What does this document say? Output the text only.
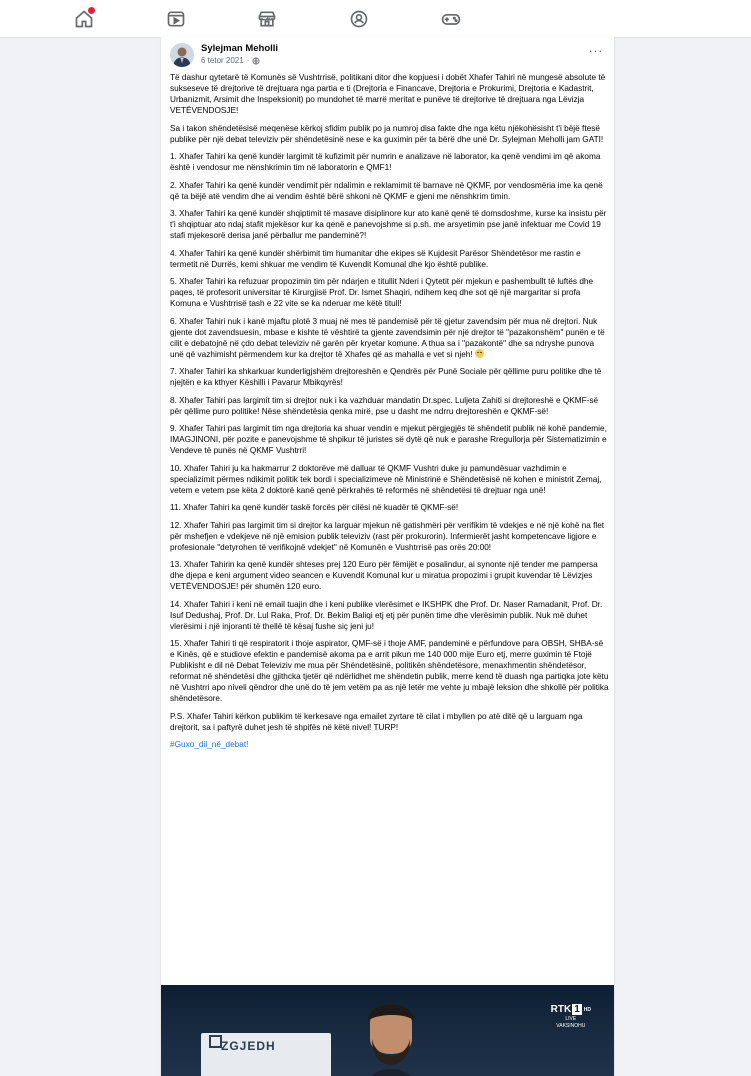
Sylejman Meholli
6 tetor 2021 ·
···

Të dashur qytetarë të Komunës së Vushtrrisë, politikani ditor dhe kopjuesi i dobët Xhafer Tahiri në mungesë absolute të sukseseve të drejtorive të drejtuara nga partia e ti (Drejtoria e Financave, Drejtoria e Prokurimi, Drejtoria e Kadastrit, Urbanizmit, Arsimit dhe Inspeksionit) po mundohet të marrë meritat e punëve të drejtorive të drejtuara nga Lëvizja VETËVENDOSJE!

Sa i takon shëndetësisë meqenëse kërkoj sfidim publik po ja numroj disa fakte dhe nga këtu njëkohësisht t'i bëjë ftesë publike për një debat televiziv për shëndetësinë nese e ka guximin për ta bërë dhe unë Dr. Sylejman Meholli jam GATI!

1. Xhafer Tahiri ka qenë kundër largimit të kufizimit për numrin e analizave në laborator, ka qenë vendimi im që akoma është i vendosur me nënshkrimin tim në laboratorin e QMF1!

2. Xhafer Tahiri ka qenë kundër vendimit për ndalimin e reklamimit të barnave në QKMF, por vendosmëria ime ka qenë që ta bëjë atë vendim dhe ai vendim është bërë shkoni në QKMF e gjeni me nënshkrim timin.

3. Xhafer Tahiri ka qenë kundër shqiptimit të masave disiplinore kur ato kanë qenë të domsdoshme, kurse ka insistu për t'i shqiptuar ato ndaj stafit mjekësor kur ka qenë e panevojshme si p.sh. me arsyetimin pse janë infektuar me Covid 19 stafi mjekesorë derisa janë përballur me pandeminë?!

4. Xhafer Tahiri ka qenë kundër shërbimit tim humanitar dhe ekipes së Kujdesit Parësor Shëndetësor me rastin e termetit në Durrës, kemi shkuar me vendim të Kuvendit Komunal dhe kjo është publike.

5. Xhafer Tahiri ka refuzuar propozimin tim për ndarjen e titullit Nderi i Qytetit për mjekun e pashembullt të luftës dhe paqes, të profesorit universitar të Kirurgjisë Prof. Dr. Ismet Shaqiri, ndihem keq dhe sot që një margaritar si profa Komuna e Vushtrrisë tash e 22 vite se ka nderuar me këtë titull!

6. Xhafer Tahiri nuk i kanë mjaftu plotë 3 muaj në mes të pandemisë për të gjetur zavendsim për mua në drejtori. Nuk gjente dot zavendsuesin, mbase e kishte të vështirë ta gjente zavendsimin për një drejtor të "pazakonshëm" punën e të cilit e debatojnë në çdo debat televiziv në garën për kryetar komune. A thua sa i "pazakontë" dhe sa ndryshe punova unë që vazhimisht përmendem kur ka drejtor të Xhafes që as mahalla e vet si njeh!

7. Xhafer Tahiri ka shkarkuar kunderligjshëm drejtoreshën e Qendrës për Punë Sociale për qëllime puru politike dhe të njejtën e ka kthyer Këshilli i Pavarur Mbikqyrës!

8. Xhafer Tahiri pas largimit tim si drejtor nuk i ka vazhduar mandatin Dr.spec. Luljeta Zahiti si drejtoreshë e QKMF-së për qëllime puro politike! Nëse shëndetësia qenka mirë, pse u dasht me ndrru drejtoreshën e QKMF-së!

9. Xhafer Tahiri pas largimit tim nga drejtoria ka shuar vendin e mjekut përgjegjës të shëndetit publik në kohë pandemie, IMAGJINONI, për pozite e panevojshme të shpikur të juristes së dytë që nuk e parashe Rregullorja për Sistematizimin e Vendeve të punës në QKMF Vushtrri!

10. Xhafer Tahiri ju ka hakmarrur 2 doktorëve më dalluar të QKMF Vushtri duke ju pamundësuar vazhdimin e specializimit përmes ndikimit politik tek bordi i specializimeve në Ministrinë e Shëndetësisë në kohen e ministrit Zemaj, vetem e vetem pse këta 2 doktorë kanë qenë përkrahës të reformës në shëndetësi të drejtuar nga unë!

11. Xhafer Tahiri ka qenë kundër taskë forcës për cilësi në kuadër të QKMF-së!

12. Xhafer Tahiri pas largimit tim si drejtor ka larguar mjekun në gatishmëri për verifikim të vdekjes e në një kohë na flet për mshefjen e vdekjeve në një emision publik televiziv (rast për prokurorin). Infermierët jasht kompetencave ligjore e profesionale "detyrohen të verifikojnë vdekjet" në Komunën e Vushtrrisë pas orës 20:00!

13. Xhafer Tahirin ka qenë kundër shteses prej 120 Euro për fëmijët e posalindur, ai synonte një tender me pampersa dhe djepa e keni argument video seancen e Kuvendit Komunal kur u miratua propozimi i grupit kuvendar të Lëvizjes VETËVENDOSJE! për shumën 120 euro.

14. Xhafer Tahiri i keni në email tuajin dhe i keni publike vlerësimet e IKSHPK dhe Prof. Dr. Naser Ramadanit, Prof. Dr. Isuf Dedushaj, Prof. Dr. Lul Raka, Prof. Dr. Bekim Baliqi etj etj për punën time dhe vlerësimin publik. Nuk më duhet vlerësimi i një injoranti të thellë të kësaj fushe siç jeni ju!

15. Xhafer Tahiri ti që respiratorit i thoje aspirator, QMF-së i thoje AMF, pandeminë e përfundove para OBSH, SHBA-së e Kinës, që e studiove efektin e pandemisë akoma pa e arrit pikun me 140 000 mije Euro etj, merre guximin të Ftojë Publikisht e dil në Debat Televiziv me mua për Shëndetësinë, politikën shëndetësore, menaxhmentin shëndetësor, reformat në shëndetësi dhe gjithcka tjetër që ndërlidhet me shëndetin publik, merre kend të duash nga partiqka jote këtu në Vushtrri apo niveli qëndror dhe unë do të jem vetëm pa as një letër me vehte ju mbajë leksion dhe shkollë për politika shëndetësore.

P.S. Xhafer Tahiri kërkon publikim të kerkesave nga emailet zyrtare të cilat i mbyllen po atë ditë që u larguam nga drejtorit, sa i paftyrë duhet jesh të shpifës në këtë nivel! TURP!

#Guxo_dil_në_debat!

ZGJEDH
RTK 1 HD
LIVE
VAKSINOHU
